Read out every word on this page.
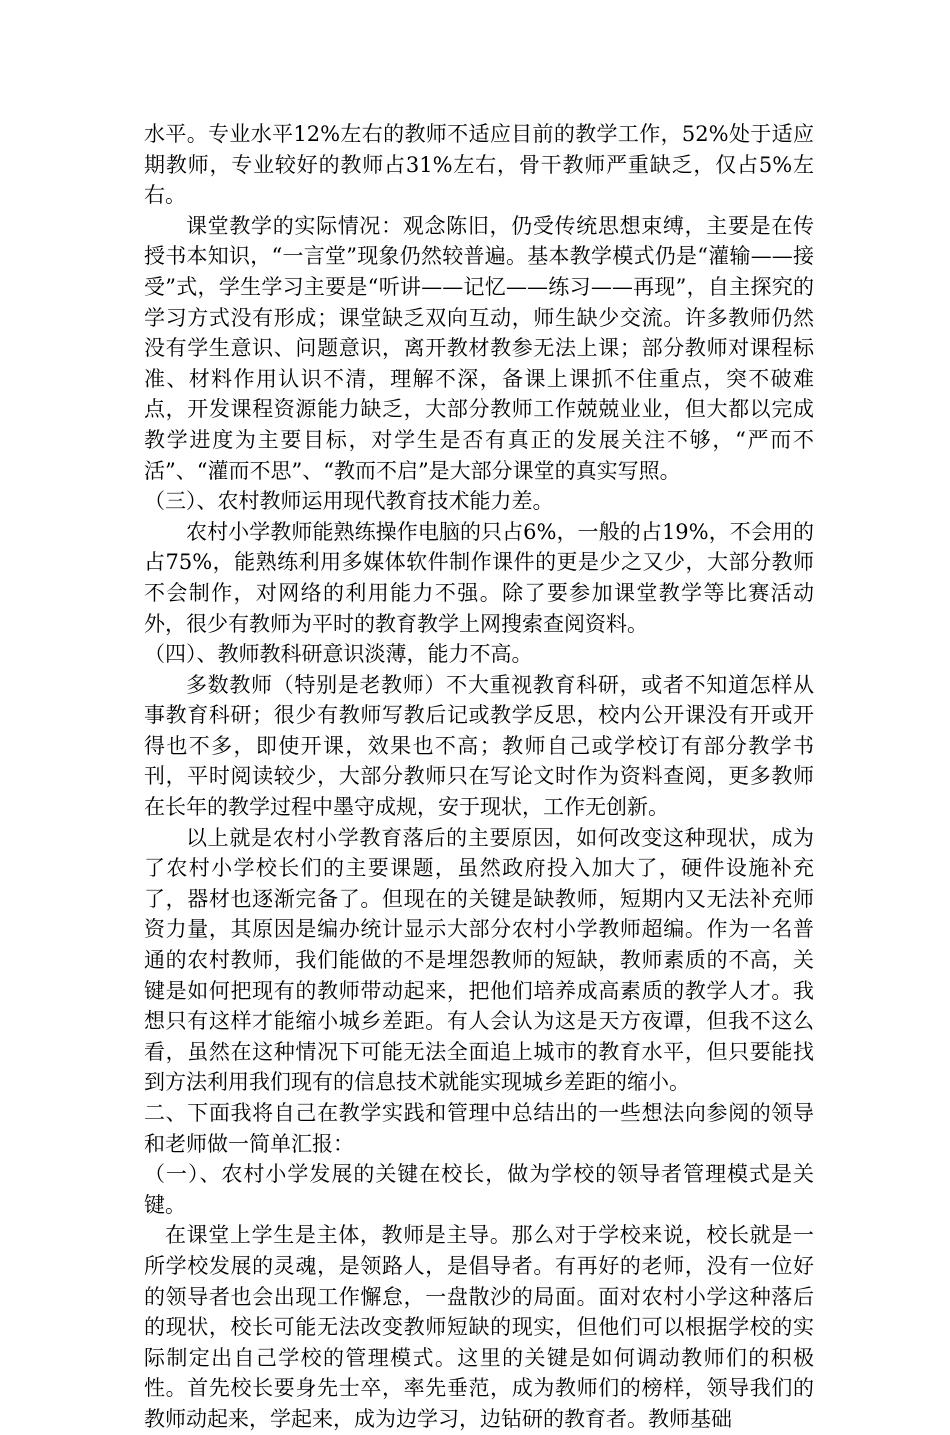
水平。专业水平12%左右的教师不适应目前的教学工作，52%处于适应期教师，专业较好的教师占31%左右，骨干教师严重缺乏，仅占5%左右。

课堂教学的实际情况：观念陈旧，仍受传统思想束缚，主要是在传授书本知识，“一言堂”现象仍然较普遍。基本教学模式仍是“灌输——接受”式，学生学习主要是“听讲——记忆——练习——再现”，自主探究的学习方式没有形成；课堂缺乏双向互动，师生缺少交流。许多教师仍然没有学生意识、问题意识，离开教材教参无法上课；部分教师对课程标准、材料作用认识不清，理解不深，备课上课抓不住重点，突不破难点，开发课程资源能力缺乏，大部分教师工作兢兢业业，但大都以完成教学进度为主要目标，对学生是否有真正的发展关注不够，“严而不活”、“灌而不思”、“教而不启”是大部分课堂的真实写照。

（三）、农村教师运用现代教育技术能力差。

农村小学教师能熟练操作电脑的只占6%，一般的占19%，不会用的占75%，能熟练利用多媒体软件制作课件的更是少之又少，大部分教师不会制作，对网络的利用能力不强。除了要参加课堂教学等比赛活动外，很少有教师为平时的教育教学上网搜索查阅资料。

（四）、教师教科研意识淡薄，能力不高。

多数教师（特别是老教师）不大重视教育科研，或者不知道怎样从事教育科研；很少有教师写教后记或教学反思，校内公开课没有开或开得也不多，即使开课，效果也不高；教师自己或学校订有部分教学书刊，平时阅读较少，大部分教师只在写论文时作为资料查阅，更多教师在长年的教学过程中墨守成规，安于现状，工作无创新。

以上就是农村小学教育落后的主要原因，如何改变这种现状，成为了农村小学校长们的主要课题，虽然政府投入加大了，硬件设施补充了，器材也逐渐完备了。但现在的关键是缺教师，短期内又无法补充师资力量，其原因是编办统计显示大部分农村小学教师超编。作为一名普通的农村教师，我们能做的不是埋怨教师的短缺，教师素质的不高，关键是如何把现有的教师带动起来，把他们培养成高素质的教学人才。我想只有这样才能缩小城乡差距。有人会认为这是天方夜谭，但我不这么看，虽然在这种情况下可能无法全面追上城市的教育水平，但只要能找到方法利用我们现有的信息技术就能实现城乡差距的缩小。

二、下面我将自己在教学实践和管理中总结出的一些想法向参阅的领导和老师做一简单汇报：

（一）、农村小学发展的关键在校长，做为学校的领导者管理模式是关键。

在课堂上学生是主体，教师是主导。那么对于学校来说，校长就是一所学校发展的灵魂，是领路人，是倡导者。有再好的老师，没有一位好的领导者也会出现工作懈怠，一盘散沙的局面。面对农村小学这种落后的现状，校长可能无法改变教师短缺的现实，但他们可以根据学校的实际制定出自己学校的管理模式。这里的关键是如何调动教师们的积极性。首先校长要身先士卒，率先垂范，成为教师们的榜样，领导我们的教师动起来，学起来，成为边学习，边钻研的教育者。教师基础
